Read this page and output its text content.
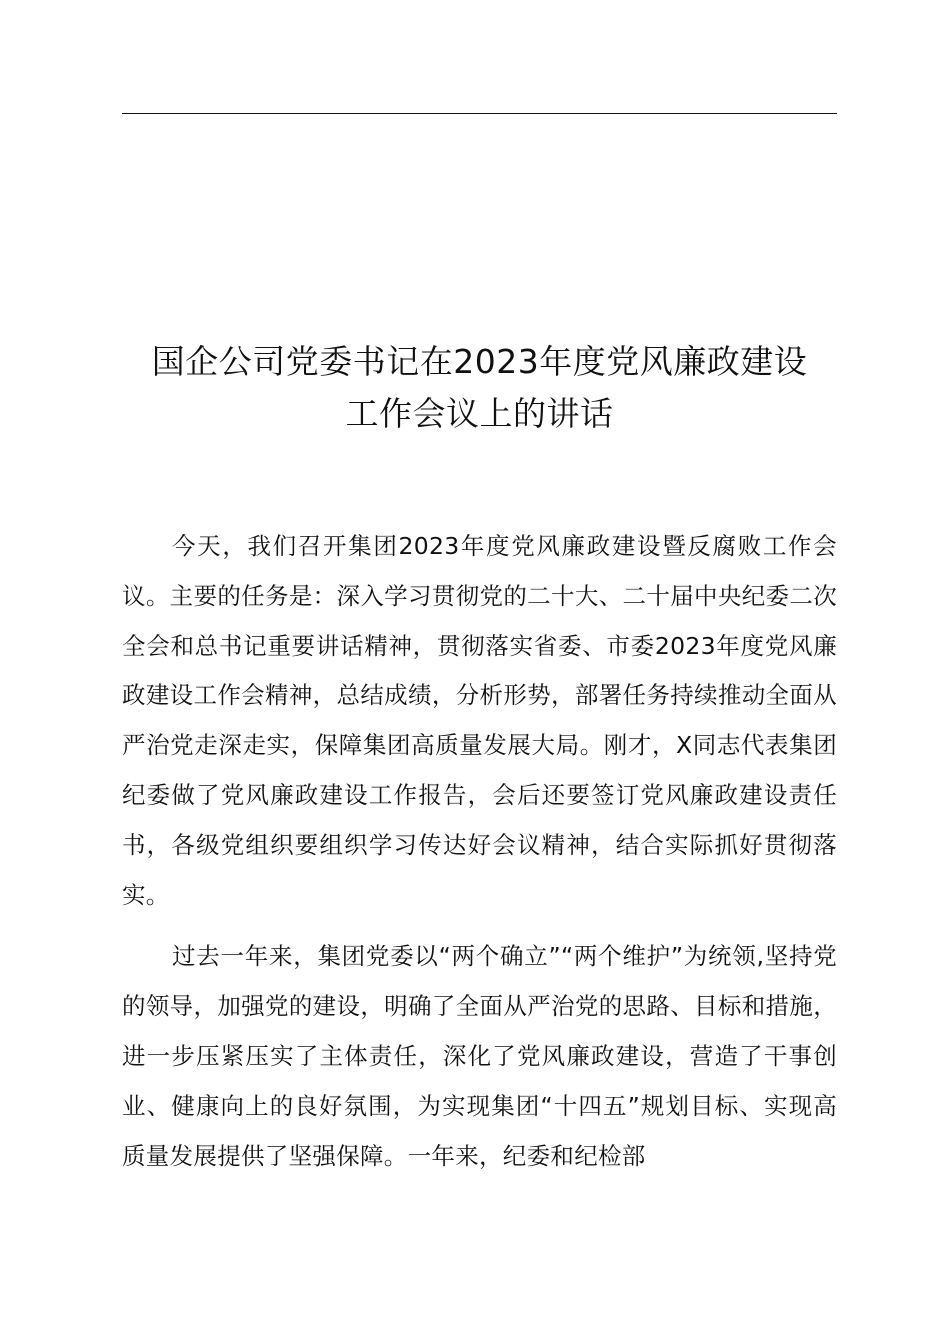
国企公司党委书记在2023年度党风廉政建设
工作会议上的讲话

今天，我们召开集团2023年度党风廉政建设暨反腐败工作会议。主要的任务是：深入学习贯彻党的二十大、二十届中央纪委二次全会和总书记重要讲话精神，贯彻落实省委、市委2023年度党风廉政建设工作会精神，总结成绩，分析形势，部署任务持续推动全面从严治党走深走实，保障集团高质量发展大局。刚才，X同志代表集团纪委做了党风廉政建设工作报告，会后还要签订党风廉政建设责任书，各级党组织要组织学习传达好会议精神，结合实际抓好贯彻落实。

过去一年来，集团党委以“两个确立”“两个维护”为统领,坚持党的领导，加强党的建设，明确了全面从严治党的思路、目标和措施，进一步压紧压实了主体责任，深化了党风廉政建设，营造了干事创业、健康向上的良好氛围，为实现集团“十四五”规划目标、实现高质量发展提供了坚强保障。一年来，纪委和纪检部
